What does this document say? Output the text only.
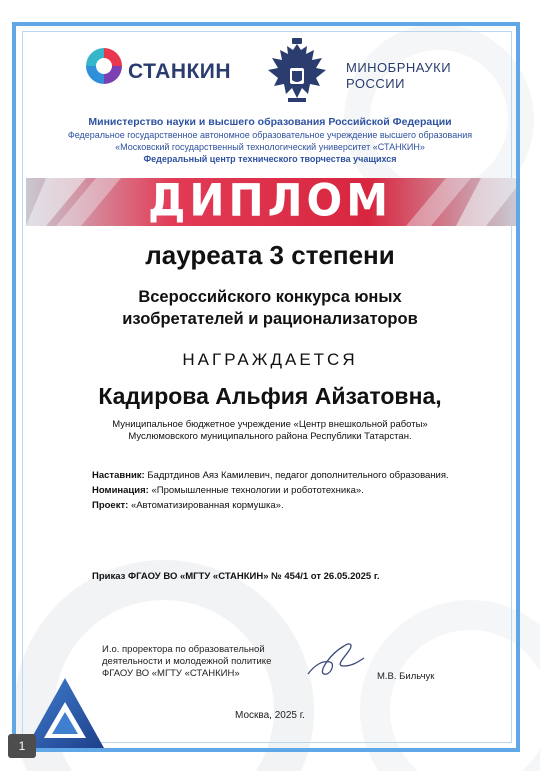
СТАНКИН	МИНОБРНАУКИ
РОССИИ
Министерство науки и высшего образования Российской Федерации
Федеральное государственное автономное образовательное учреждение высшего образования
«Московский государственный технологический университет «СТАНКИН»
Федеральный центр технического творчества учащихся
ДИПЛОМ
лауреата 3 степени
Всероссийского конкурса юных
изобретателей и рационализаторов
НАГРАЖДАЕТСЯ
Кадирова Альфия Айзатовна,
Муниципальное бюджетное учреждение «Центр внешкольной работы»
Муслюмовского муниципального района Республики Татарстан.
Наставник: Бадртдинов Аяз Камилевич, педагог дополнительного образования.
Номинация: «Промышленные технологии и робототехника».
Проект: «Автоматизированная кормушка».
Приказ ФГАОУ ВО «МГТУ «СТАНКИН» № 454/1 от 26.05.2025 г.
И.о. проректора по образовательной
деятельности и молодежной политике
ФГАОУ ВО «МГТУ «СТАНКИН»	М.В. Бильчук
Москва, 2025 г.
1
